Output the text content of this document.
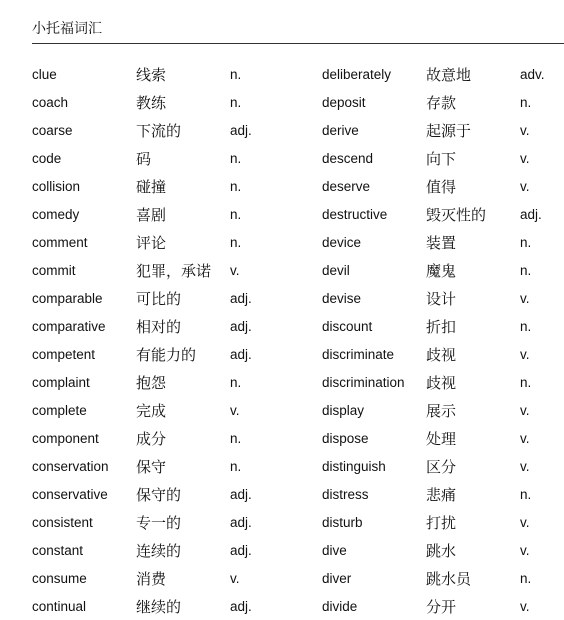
小托福词汇
clue	线索	n.	deliberately	故意地	adv.
coach	教练	n.	deposit	存款	n.
coarse	下流的	adj.	derive	起源于	v.
code	码	n.	descend	向下	v.
collision	碰撞	n.	deserve	值得	v.
comedy	喜剧	n.	destructive	毁灭性的	adj.
comment	评论	n.	device	装置	n.
commit	犯罪，承诺	v.	devil	魔鬼	n.
comparable	可比的	adj.	devise	设计	v.
comparative	相对的	adj.	discount	折扣	n.
competent	有能力的	adj.	discriminate	歧视	v.
complaint	抱怨	n.	discrimination	歧视	n.
complete	完成	v.	display	展示	v.
component	成分	n.	dispose	处理	v.
conservation	保守	n.	distinguish	区分	v.
conservative	保守的	adj.	distress	悲痛	n.
consistent	专一的	adj.	disturb	打扰	v.
constant	连续的	adj.	dive	跳水	v.
consume	消费	v.	diver	跳水员	n.
continual	继续的	adj.	divide	分开	v.
